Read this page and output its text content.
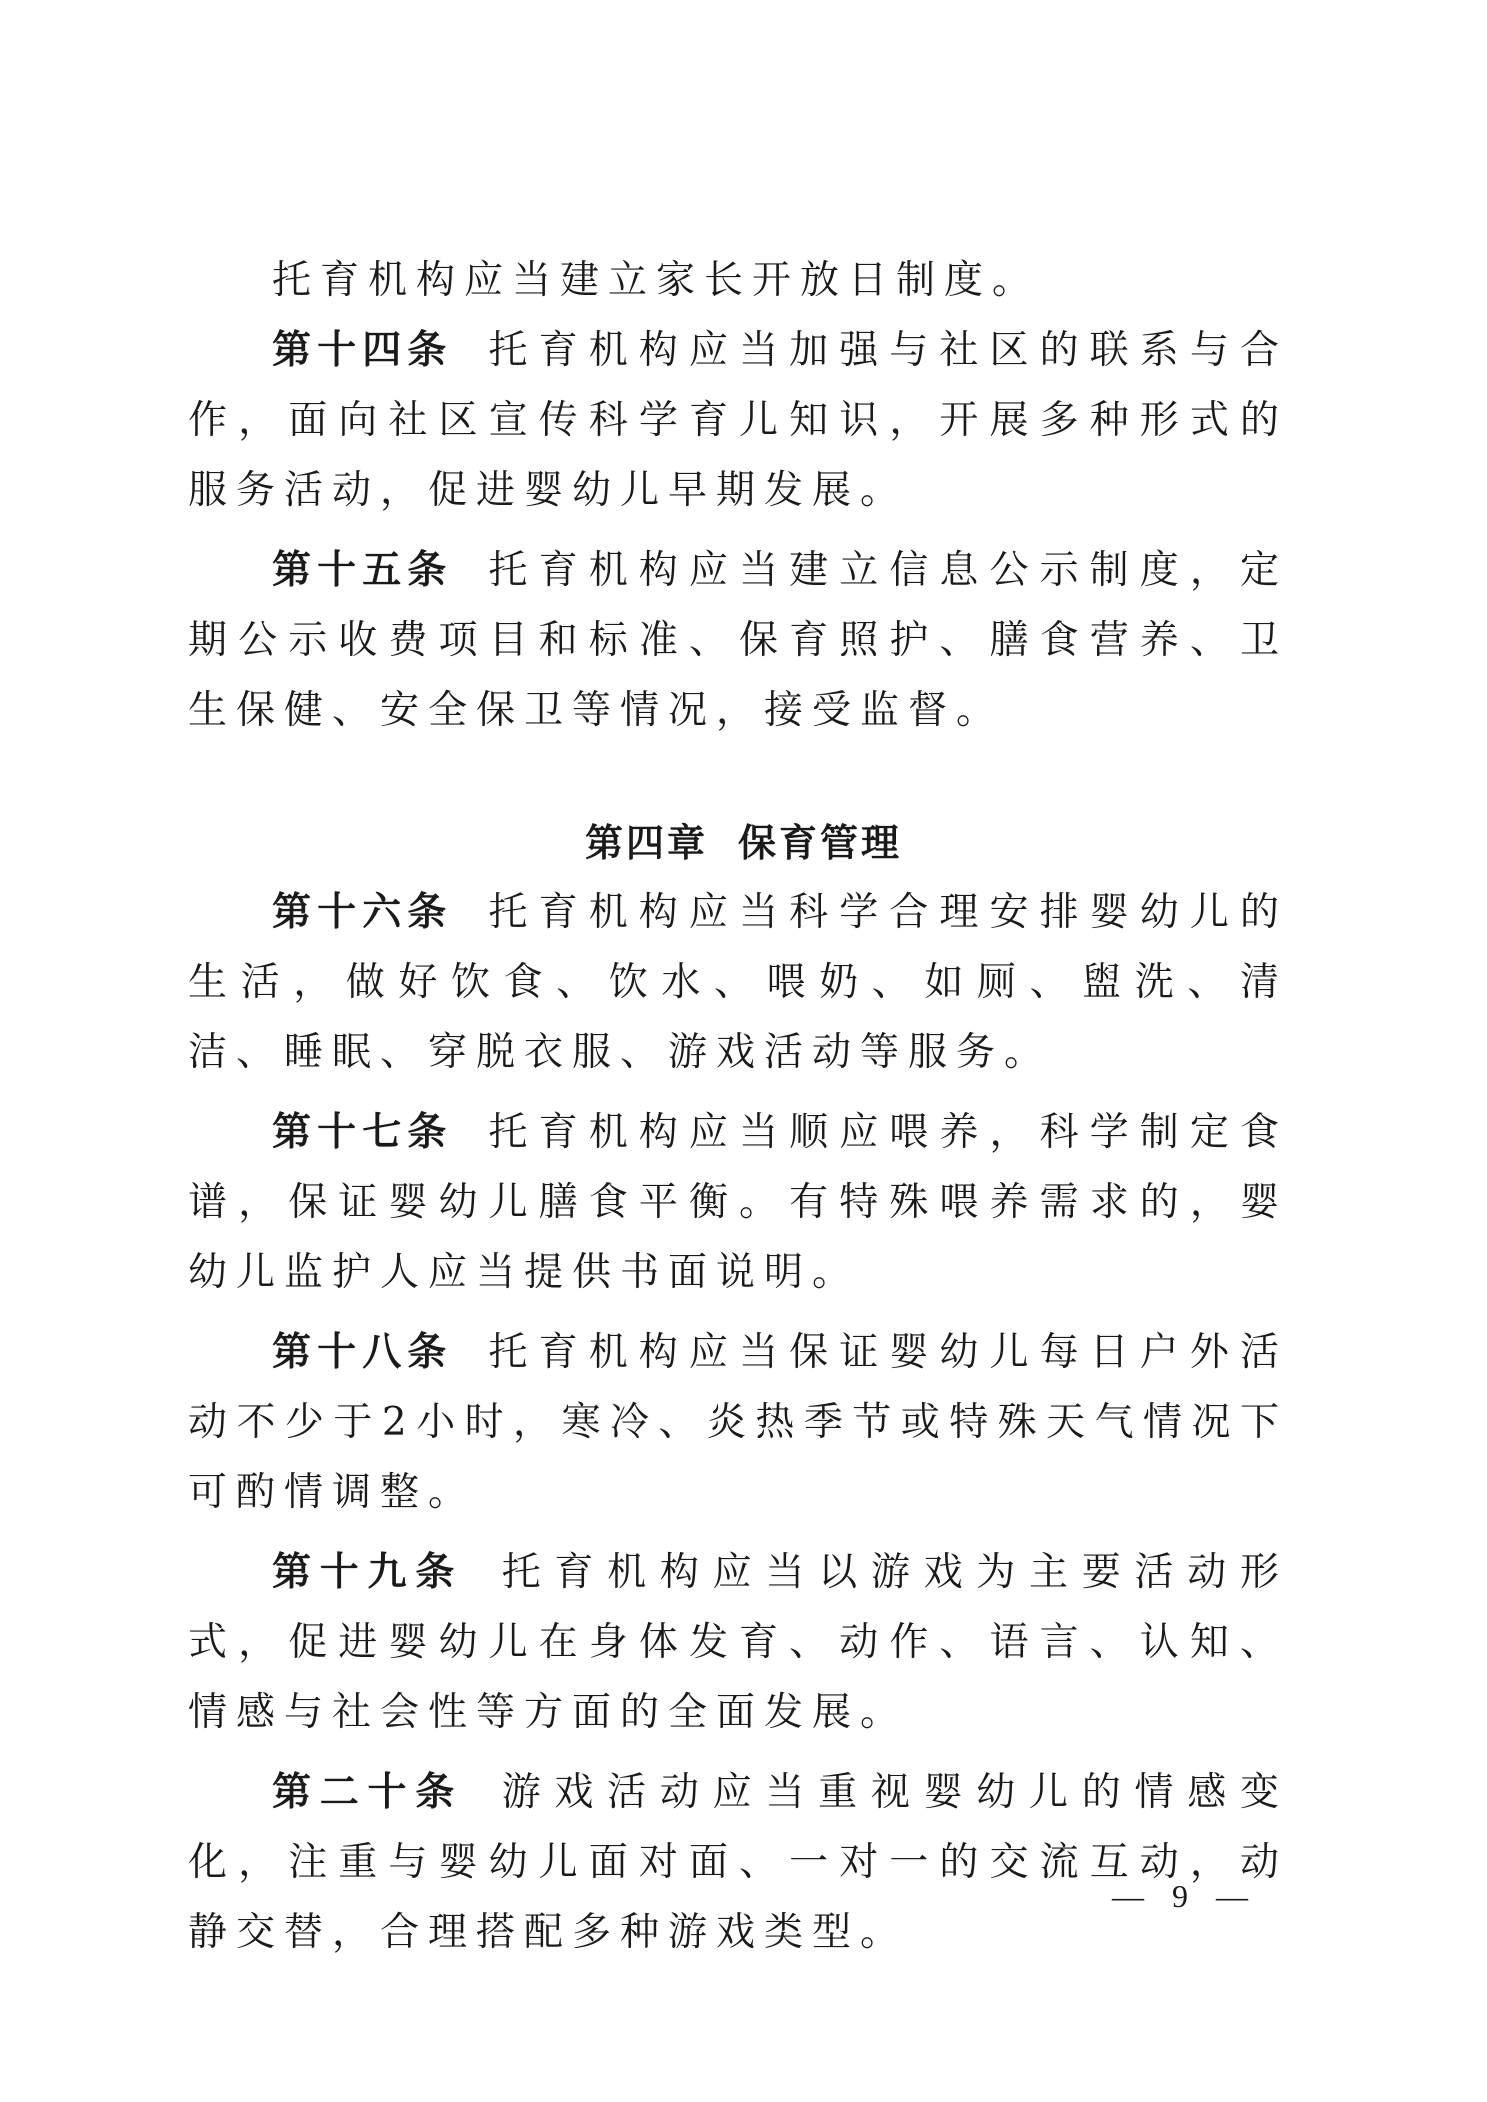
托育机构应当建立家长开放日制度。

第十四条 托育机构应当加强与社区的联系与合作，面向社区宣传科学育儿知识，开展多种形式的服务活动，促进婴幼儿早期发展。

第十五条 托育机构应当建立信息公示制度，定期公示收费项目和标准、保育照护、膳食营养、卫生保健、安全保卫等情况，接受监督。

第四章 保育管理

第十六条 托育机构应当科学合理安排婴幼儿的生活，做好饮食、饮水、喂奶、如厕、盥洗、清洁、睡眠、穿脱衣服、游戏活动等服务。

第十七条 托育机构应当顺应喂养，科学制定食谱，保证婴幼儿膳食平衡。有特殊喂养需求的，婴幼儿监护人应当提供书面说明。

第十八条 托育机构应当保证婴幼儿每日户外活动不少于2小时，寒冷、炎热季节或特殊天气情况下可酌情调整。

第十九条 托育机构应当以游戏为主要活动形式，促进婴幼儿在身体发育、动作、语言、认知、情感与社会性等方面的全面发展。

第二十条 游戏活动应当重视婴幼儿的情感变化，注重与婴幼儿面对面、一对一的交流互动，动静交替，合理搭配多种游戏类型。

— 9 —
